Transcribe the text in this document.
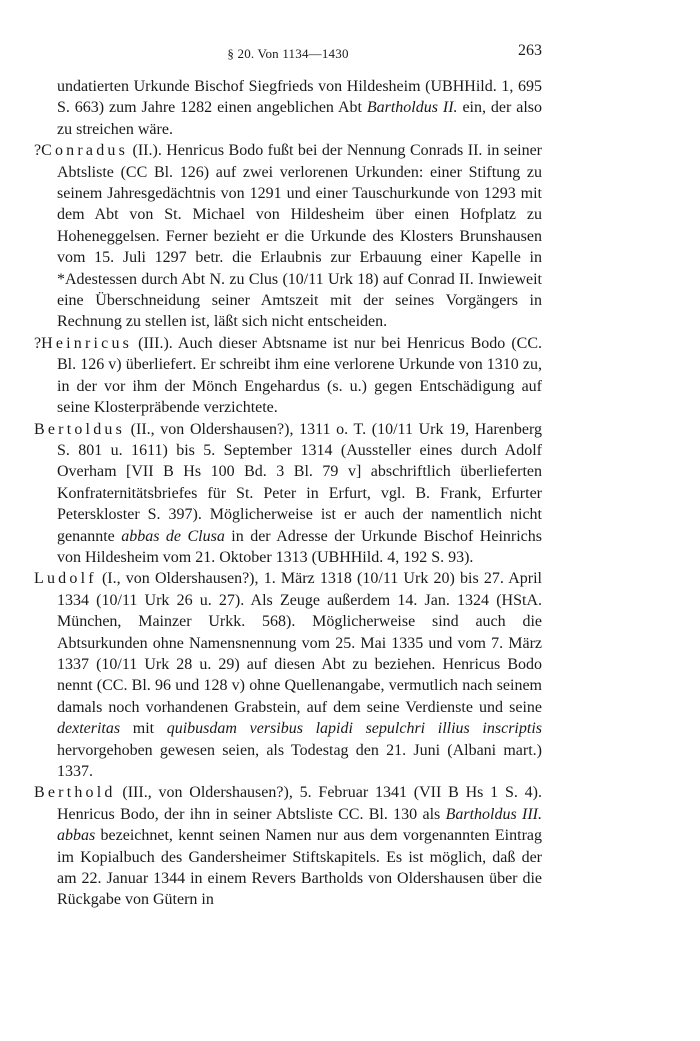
§ 20. Von 1134—1430	263

undatierten Urkunde Bischof Siegfrieds von Hildesheim (UBHHild. 1, 695 S. 663) zum Jahre 1282 einen angeblichen Abt Bartholdus II. ein, der also zu streichen wäre.

?Conradus (II.). Henricus Bodo fußt bei der Nennung Conrads II. in seiner Abtsliste (CC Bl. 126) auf zwei verlorenen Urkunden: einer Stiftung zu seinem Jahresgedächtnis von 1291 und einer Tauschurkunde von 1293 mit dem Abt von St. Michael von Hildesheim über einen Hofplatz zu Hoheneggelsen. Ferner bezieht er die Urkunde des Klosters Brunshausen vom 15. Juli 1297 betr. die Erlaubnis zur Erbauung einer Kapelle in *Adestessen durch Abt N. zu Clus (10/11 Urk 18) auf Conrad II. Inwieweit eine Überschneidung seiner Amtszeit mit der seines Vorgängers in Rechnung zu stellen ist, läßt sich nicht entscheiden.

?Heinricus (III.). Auch dieser Abtsname ist nur bei Henricus Bodo (CC. Bl. 126 v) überliefert. Er schreibt ihm eine verlorene Urkunde von 1310 zu, in der vor ihm der Mönch Engehardus (s. u.) gegen Entschädigung auf seine Klosterpräbende verzichtete.

Bertoldus (II., von Oldershausen?), 1311 o. T. (10/11 Urk 19, Harenberg S. 801 u. 1611) bis 5. September 1314 (Aussteller eines durch Adolf Overham [VII B Hs 100 Bd. 3 Bl. 79 v] abschriftlich überlieferten Konfraternitätsbriefes für St. Peter in Erfurt, vgl. B. Frank, Erfurter Peterskloster S. 397). Möglicherweise ist er auch der namentlich nicht genannte abbas de Clusa in der Adresse der Urkunde Bischof Heinrichs von Hildesheim vom 21. Oktober 1313 (UBHHild. 4, 192 S. 93).

Ludolf (I., von Oldershausen?), 1. März 1318 (10/11 Urk 20) bis 27. April 1334 (10/11 Urk 26 u. 27). Als Zeuge außerdem 14. Jan. 1324 (HStA. München, Mainzer Urkk. 568). Möglicherweise sind auch die Abtsurkunden ohne Namensnennung vom 25. Mai 1335 und vom 7. März 1337 (10/11 Urk 28 u. 29) auf diesen Abt zu beziehen. Henricus Bodo nennt (CC. Bl. 96 und 128 v) ohne Quellenangabe, vermutlich nach seinem damals noch vorhandenen Grabstein, auf dem seine Verdienste und seine dexteritas mit quibusdam versibus lapidi sepulchri illius inscriptis hervorgehoben gewesen seien, als Todestag den 21. Juni (Albani mart.) 1337.

Berthold (III., von Oldershausen?), 5. Februar 1341 (VII B Hs 1 S. 4). Henricus Bodo, der ihn in seiner Abtsliste CC. Bl. 130 als Bartholdus III. abbas bezeichnet, kennt seinen Namen nur aus dem vorgenannten Eintrag im Kopialbuch des Gandersheimer Stiftskapitels. Es ist möglich, daß der am 22. Januar 1344 in einem Revers Bartholds von Oldershausen über die Rückgabe von Gütern in
